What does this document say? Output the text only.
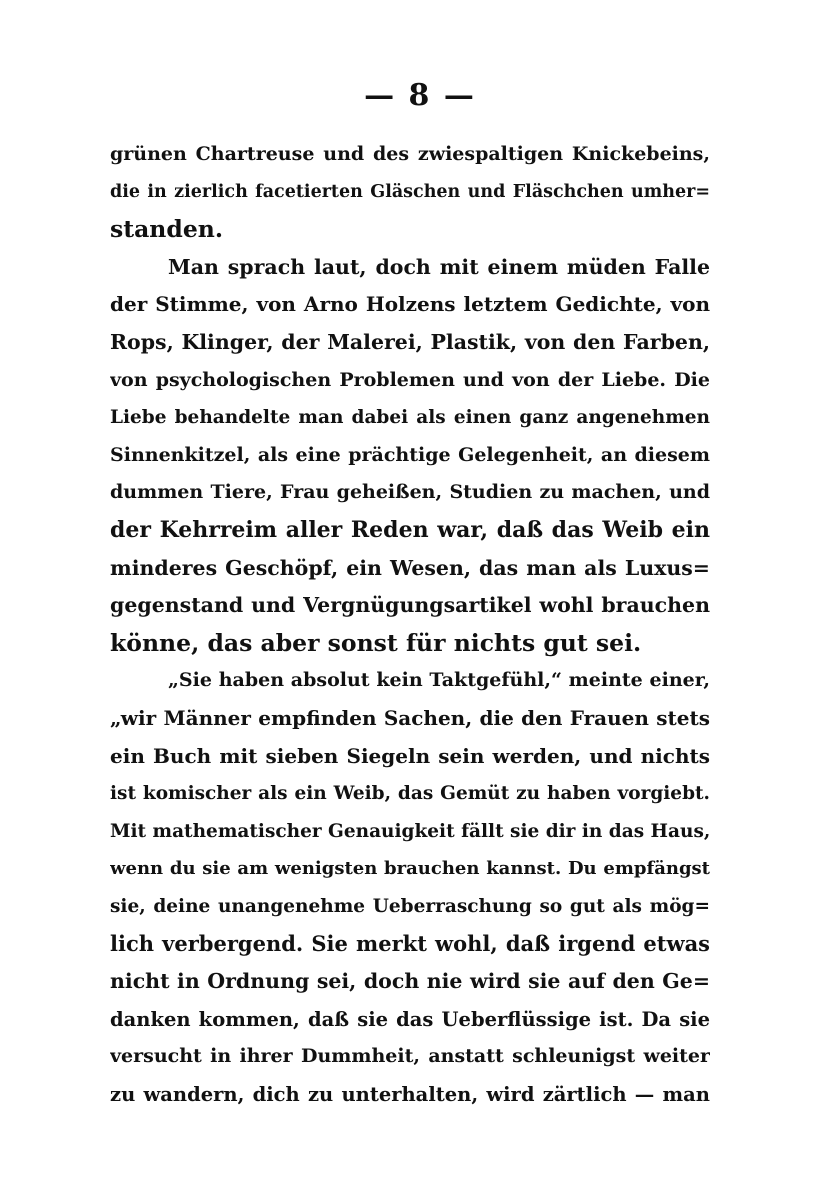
— 8 —
grünen Chartreuse und des zwiespaltigen Knickebeins,
die in zierlich facetierten Gläschen und Fläschchen umher=
standen.
Man sprach laut, doch mit einem müden Falle
der Stimme, von Arno Holzens letztem Gedichte, von
Rops, Klinger, der Malerei, Plastik, von den Farben,
von psychologischen Problemen und von der Liebe. Die
Liebe behandelte man dabei als einen ganz angenehmen
Sinnenkitzel, als eine prächtige Gelegenheit, an diesem
dummen Tiere, Frau geheißen, Studien zu machen, und
der Kehrreim aller Reden war, daß das Weib ein
minderes Geschöpf, ein Wesen, das man als Luxus=
gegenstand und Vergnügungsartikel wohl brauchen
könne, das aber sonst für nichts gut sei.
„Sie haben absolut kein Taktgefühl,“ meinte einer,
„wir Männer empfinden Sachen, die den Frauen stets
ein Buch mit sieben Siegeln sein werden, und nichts
ist komischer als ein Weib, das Gemüt zu haben vorgiebt.
Mit mathematischer Genauigkeit fällt sie dir in das Haus,
wenn du sie am wenigsten brauchen kannst. Du empfängst
sie, deine unangenehme Ueberraschung so gut als mög=
lich verbergend. Sie merkt wohl, daß irgend etwas
nicht in Ordnung sei, doch nie wird sie auf den Ge=
danken kommen, daß sie das Ueberflüssige ist. Da sie
versucht in ihrer Dummheit, anstatt schleunigst weiter
zu wandern, dich zu unterhalten, wird zärtlich — man
